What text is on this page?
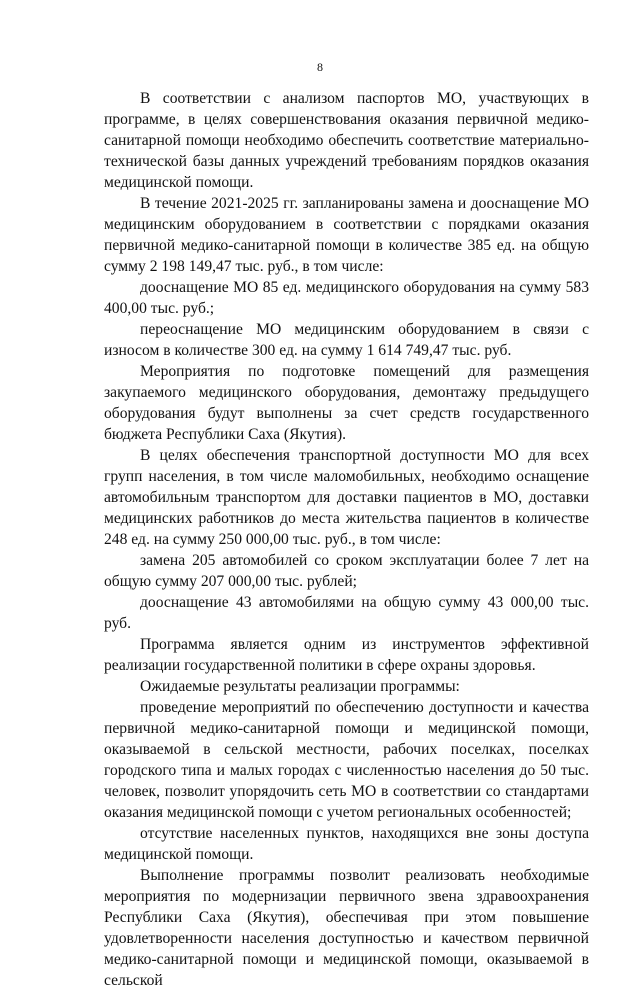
8

В соответствии с анализом паспортов МО, участвующих в программе, в целях совершенствования оказания первичной медико-санитарной помощи необходимо обеспечить соответствие материально-технической базы данных учреждений требованиям порядков оказания медицинской помощи.

В течение 2021-2025 гг. запланированы замена и дооснащение МО медицинским оборудованием в соответствии с порядками оказания первичной медико-санитарной помощи в количестве 385 ед. на общую сумму 2 198 149,47 тыс. руб., в том числе:

дооснащение МО 85 ед. медицинского оборудования на сумму 583 400,00 тыс. руб.;

переоснащение МО медицинским оборудованием в связи с износом в количестве 300 ед. на сумму 1 614 749,47 тыс. руб.

Мероприятия по подготовке помещений для размещения закупаемого медицинского оборудования, демонтажу предыдущего оборудования будут выполнены за счет средств государственного бюджета Республики Саха (Якутия).

В целях обеспечения транспортной доступности МО для всех групп населения, в том числе маломобильных, необходимо оснащение автомобильным транспортом для доставки пациентов в МО, доставки медицинских работников до места жительства пациентов в количестве 248 ед. на сумму 250 000,00 тыс. руб., в том числе:

замена 205 автомобилей со сроком эксплуатации более 7 лет на общую сумму 207 000,00 тыс. рублей;

дооснащение 43 автомобилями на общую сумму 43 000,00 тыс. руб.

Программа является одним из инструментов эффективной реализации государственной политики в сфере охраны здоровья.

Ожидаемые результаты реализации программы:

проведение мероприятий по обеспечению доступности и качества первичной медико-санитарной помощи и медицинской помощи, оказываемой в сельской местности, рабочих поселках, поселках городского типа и малых городах с численностью населения до 50 тыс. человек, позволит упорядочить сеть МО в соответствии со стандартами оказания медицинской помощи с учетом региональных особенностей;

отсутствие населенных пунктов, находящихся вне зоны доступа медицинской помощи.

Выполнение программы позволит реализовать необходимые мероприятия по модернизации первичного звена здравоохранения Республики Саха (Якутия), обеспечивая при этом повышение удовлетворенности населения доступностью и качеством первичной медико-санитарной помощи и медицинской помощи, оказываемой в сельской
